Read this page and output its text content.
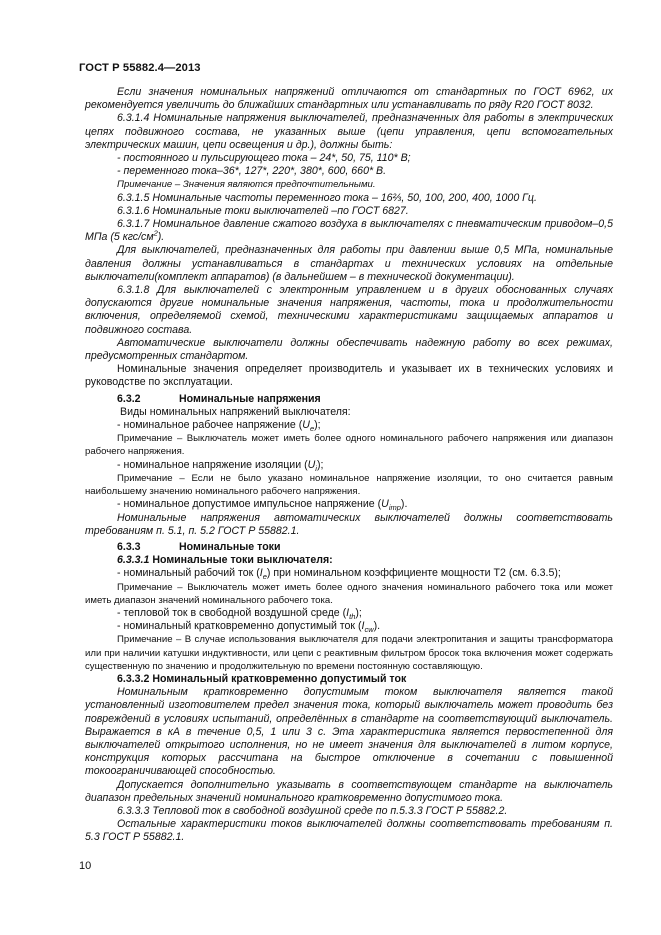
ГОСТ Р 55882.4—2013

Если значения номинальных напряжений отличаются от стандартных по ГОСТ 6962, их рекомендуется увеличить до ближайших стандартных или устанавливать по ряду R20 ГОСТ 8032.

6.3.1.4 Номинальные напряжения выключателей, предназначенных для работы в электрических цепях подвижного состава, не указанных выше (цепи управления, цепи вспомогательных электрических машин, цепи освещения и др.), должны быть:

- постоянного и пульсирующего тока – 24*, 50, 75, 110* В;

- переменного тока–36*, 127*, 220*, 380*, 600, 660* В.

Примечание – Значения являются предпочтительными.

6.3.1.5 Номинальные частоты переменного тока – 16⅔, 50, 100, 200, 400, 1000 Гц.

6.3.1.6 Номинальные токи выключателей –по ГОСТ 6827.

6.3.1.7 Номинальное давление сжатого воздуха в выключателях с пневматическим приводом–0,5 МПа (5 кгс/$см^2$).

Для выключателей, предназначенных для работы при давлении выше 0,5 МПа, номинальные давления должны устанавливаться в стандартах и технических условиях на отдельные выключатели(комплект аппаратов) (в дальнейшем – в технической документации).

6.3.1.8 Для выключателей с электронным управлением и в других обоснованных случаях допускаются другие номинальные значения напряжения, частоты, тока и продолжительности включения, определяемой схемой, техническими характеристиками защищаемых аппаратов и подвижного состава.

Автоматические выключатели должны обеспечивать надежную работу во всех режимах, предусмотренных стандартом.

Номинальные значения определяет производитель и указывает их в технических условиях и руководстве по эксплуатации.

6.3.2	Номинальные напряжения

Виды номинальных напряжений выключателя:

- номинальное рабочее напряжение $(U_e)$;

Примечание – Выключатель может иметь более одного номинального рабочего напряжения или диапазон рабочего напряжения.

- номинальное напряжение изоляции $(U_i)$;

Примечание – Если не было указано номинальное напряжение изоляции, то оно считается равным наибольшему значению номинального рабочего напряжения.

- номинальное допустимое импульсное напряжение $(U_{imp})$.

Номинальные напряжения автоматических выключателей должны соответствовать требованиям п. 5.1, п. 5.2 ГОСТ Р 55882.1.

6.3.3	Номинальные токи

6.3.3.1 Номинальные токи выключателя:

- номинальный рабочий ток $(I_e)$ при номинальном коэффициенте мощности Т2 (см. 6.3.5);

Примечание – Выключатель может иметь более одного значения номинального рабочего тока или может иметь диапазон значений номинального рабочего тока.

- тепловой ток в свободной воздушной среде $(I_{th})$;

- номинальный кратковременно допустимый ток $(I_{cw})$.

Примечание – В случае использования выключателя для подачи электропитания и защиты трансформатора или при наличии катушки индуктивности, или цепи с реактивным фильтром бросок тока включения может содержать существенную по значению и продолжительную по времени постоянную составляющую.

6.3.3.2 Номинальный кратковременно допустимый ток

Номинальным кратковременно допустимым током выключателя является такой установленный изготовителем предел значения тока, который выключатель может проводить без повреждений в условиях испытаний, определённых в стандарте на соответствующий выключатель. Выражается в кА в течение 0,5, 1 или 3 с. Эта характеристика является первостепенной для выключателей открытого исполнения, но не имеет значения для выключателей в литом корпусе, конструкция которых рассчитана на быстрое отключение в сочетании с повышенной токоограничивающей способностью.

Допускается дополнительно указывать в соответствующем стандарте на выключатель диапазон предельных значений номинального кратковременно допустимого тока.

6.3.3.3 Тепловой ток в свободной воздушной среде по п.5.3.3 ГОСТ Р 55882.2.

Остальные характеристики токов выключателей должны соответствовать требованиям п. 5.3 ГОСТ Р 55882.1.

10
